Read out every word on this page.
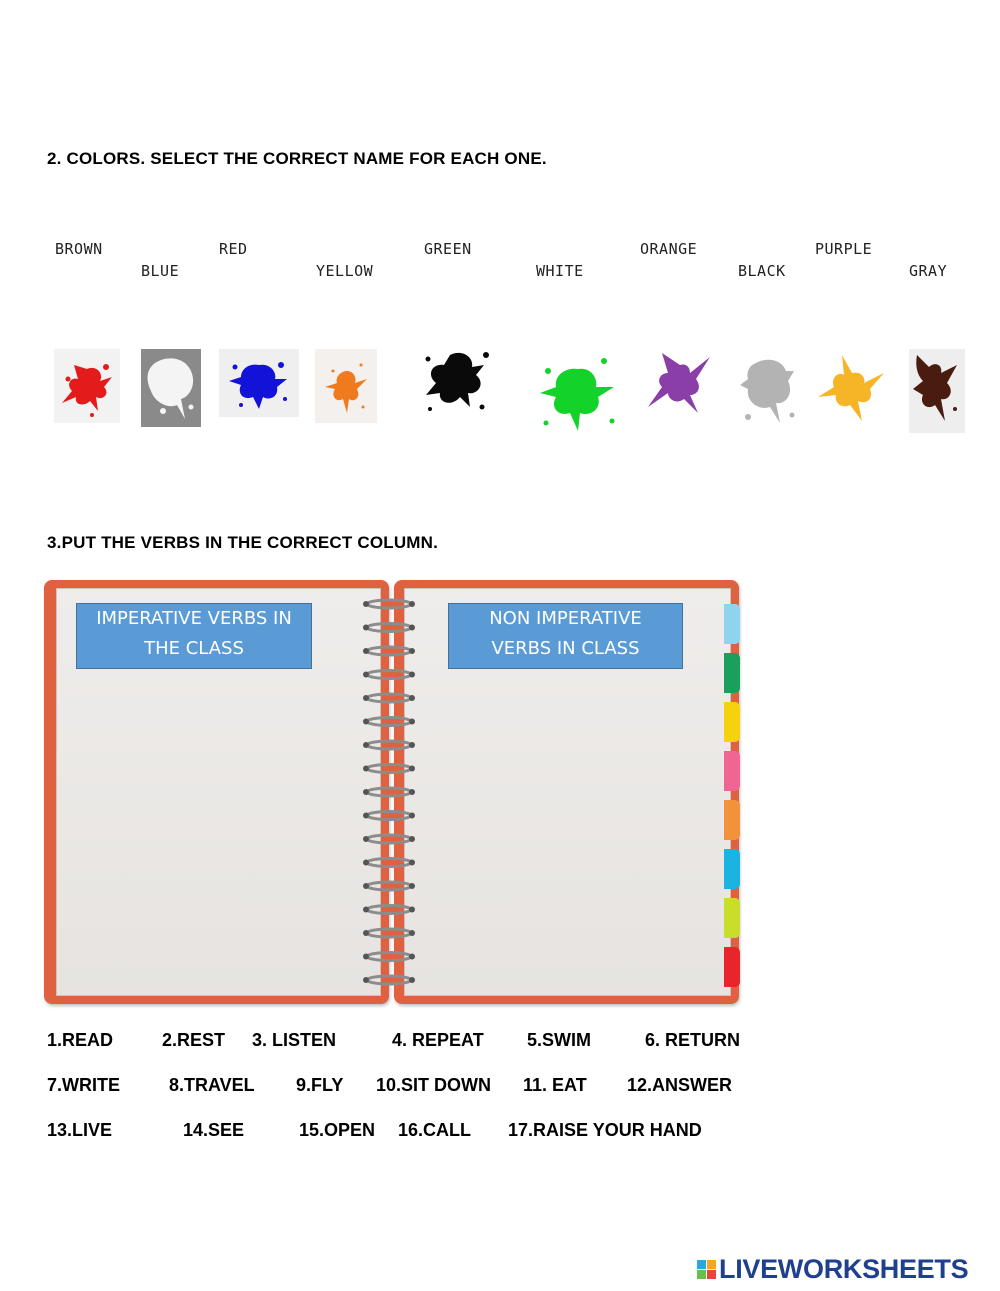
2. COLORS. SELECT THE CORRECT NAME FOR EACH ONE.
BROWN
BLUE
RED
YELLOW
GREEN
WHITE
ORANGE
BLACK
PURPLE
GRAY
3.PUT THE VERBS IN THE CORRECT COLUMN.
IMPERATIVE VERBS IN THE CLASS
NON IMPERATIVE VERBS IN CLASS
1.READ	2.REST 3. LISTEN	4. REPEAT 5.SWIM	6. RETURN
7.WRITE	8.TRAVEL 9.FLY 10.SIT DOWN 11. EAT 12.ANSWER
13.LIVE	14.SEE	15.OPEN 16.CALL 17.RAISE YOUR HAND
LIVEWORKSHEETS
